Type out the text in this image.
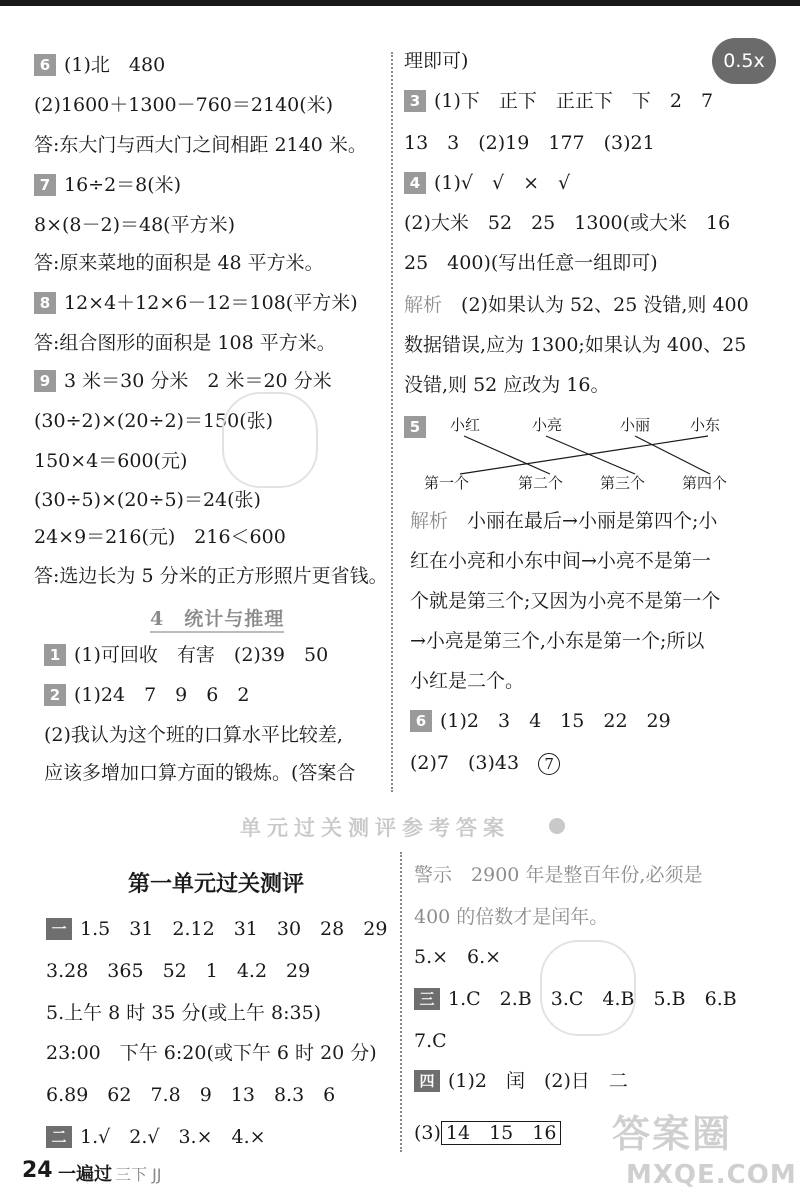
0.5x
6 (1)北　480
(2)1600＋1300－760＝2140(米)
答:东大门与西大门之间相距 2140 米。
7 16÷2＝8(米)
8×(8－2)＝48(平方米)
答:原来菜地的面积是 48 平方米。
8 12×4＋12×6－12＝108(平方米)
答:组合图形的面积是 108 平方米。
9 3 米＝30 分米　2 米＝20 分米
(30÷2)×(20÷2)＝150(张)
150×4＝600(元)
(30÷5)×(20÷5)＝24(张)
24×9＝216(元)　216＜600
答:选边长为 5 分米的正方形照片更省钱。
4　统计与推理
1 (1)可回收　有害　(2)39　50
2 (1)24　7　9　6　2
(2)我认为这个班的口算水平比较差,
应该多增加口算方面的锻炼。(答案合
理即可)
3 (1)下　正下　正正下　下　2　7
13　3　(2)19　177　(3)21
4 (1)√　√　×　√
(2)大米　52　25　1300(或大米　16
25　400)(写出任意一组即可)
解析　 (2)如果认为 52、25 没错,则 400
数据错误,应为 1300;如果认为 400、25
没错,则 52 应改为 16。
5	小红	小亮	小丽	小东
第一个	第二个 第三个 第四个
解析　 小丽在最后→小丽是第四个;小
红在小亮和小东中间→小亮不是第一
个就是第三个;又因为小亮不是第一个
→小亮是第三个,小东是第一个;所以
小红是二个。
6 (1)2　3　4　15　22　29
(2)7　(3)43　7
单元过关测评参考答案
第一单元过关测评
一 1.5　31　2.12　31　30　28　29
3.28　365　52　1　4.2　29
5.上午 8 时 35 分(或上午 8:35)
23:00　下午 6:20(或下午 6 时 20 分)
6.89　62　7.8　9　13　8.3　6
二 1.√　2.√　3.×　4.×
警示　 2900 年是整百年份,必须是
400 的倍数才是闰年。
5.×　6.×
三 1.C　2.B　3.C　4.B　5.B　6.B
7.C
四 (1)2　闰　(2)日　二
(3) 14　15　16
24 一遍过 三下 JJ
答案圈
MXQE.COM
